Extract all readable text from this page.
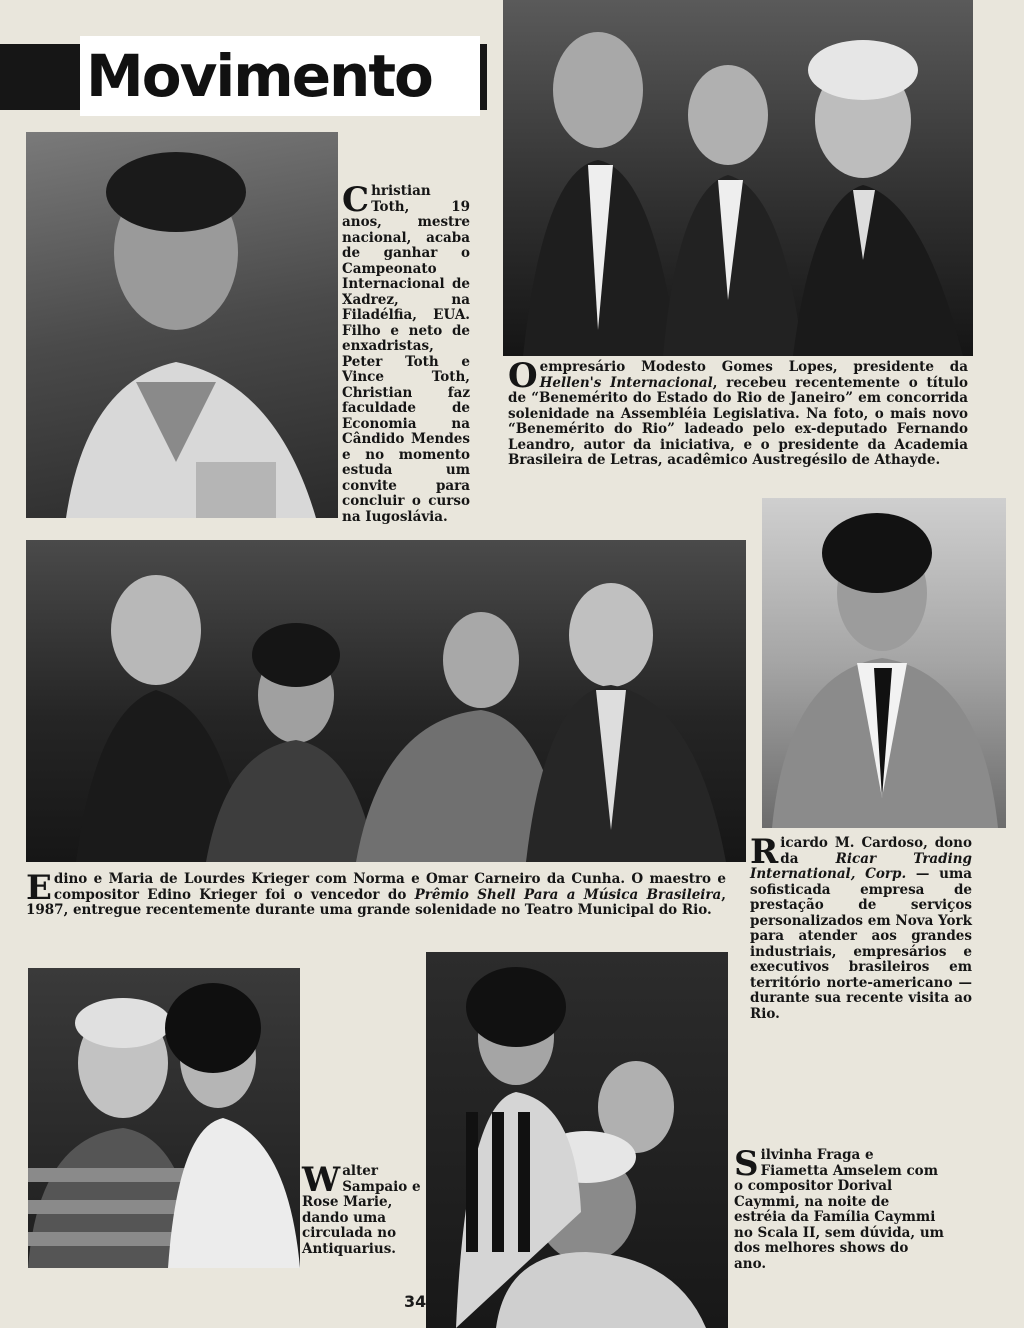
Movimento
Christian Toth,	19 anos, mestre nacional, acaba de ganhar o Campeonato Internacional de Xadrez, na Filadélfia, EUA. Filho e neto de enxadristas, Peter Toth e Vince Toth, Christian faz faculdade de Economia na Cândido Mendes e no momento estuda um convite para concluir o curso na Iugoslávia.
O empresário Modesto Gomes Lopes, presidente da Hellen's Internacional, recebeu recentemente o título de “Benemérito do Estado do Rio de Janeiro” em concorrida solenidade na Assembléia Legislativa. Na foto, o mais novo “Benemérito do Rio” ladeado pelo ex-deputado Fernando Leandro, autor da iniciativa, e o presidente da Academia Brasileira de Letras, acadêmico Austregésilo de Athayde.
Edino e Maria de Lourdes Krieger com Norma e Omar Carneiro da Cunha. O maestro e compositor Edino Krieger foi o vencedor do Prêmio Shell Para a Música Brasileira, 1987, entregue recentemente durante uma grande solenidade no Teatro Municipal do Rio.
Ricardo M. Cardoso, dono da Ricar Trading International, Corp. — uma sofisticada empresa de prestação de serviços personalizados em Nova York para atender aos grandes industriais, empresários e executivos brasileiros em território norte-americano — durante sua recente visita ao Rio.
Walter Sampaio e Rose Marie, dando uma circulada no Antiquarius.
Silvinha Fraga e Fiametta Amselem com o compositor Dorival Caymmi, na noite de estréia da Família Caymmi no Scala II, sem dúvida, um dos melhores shows do ano.
34
